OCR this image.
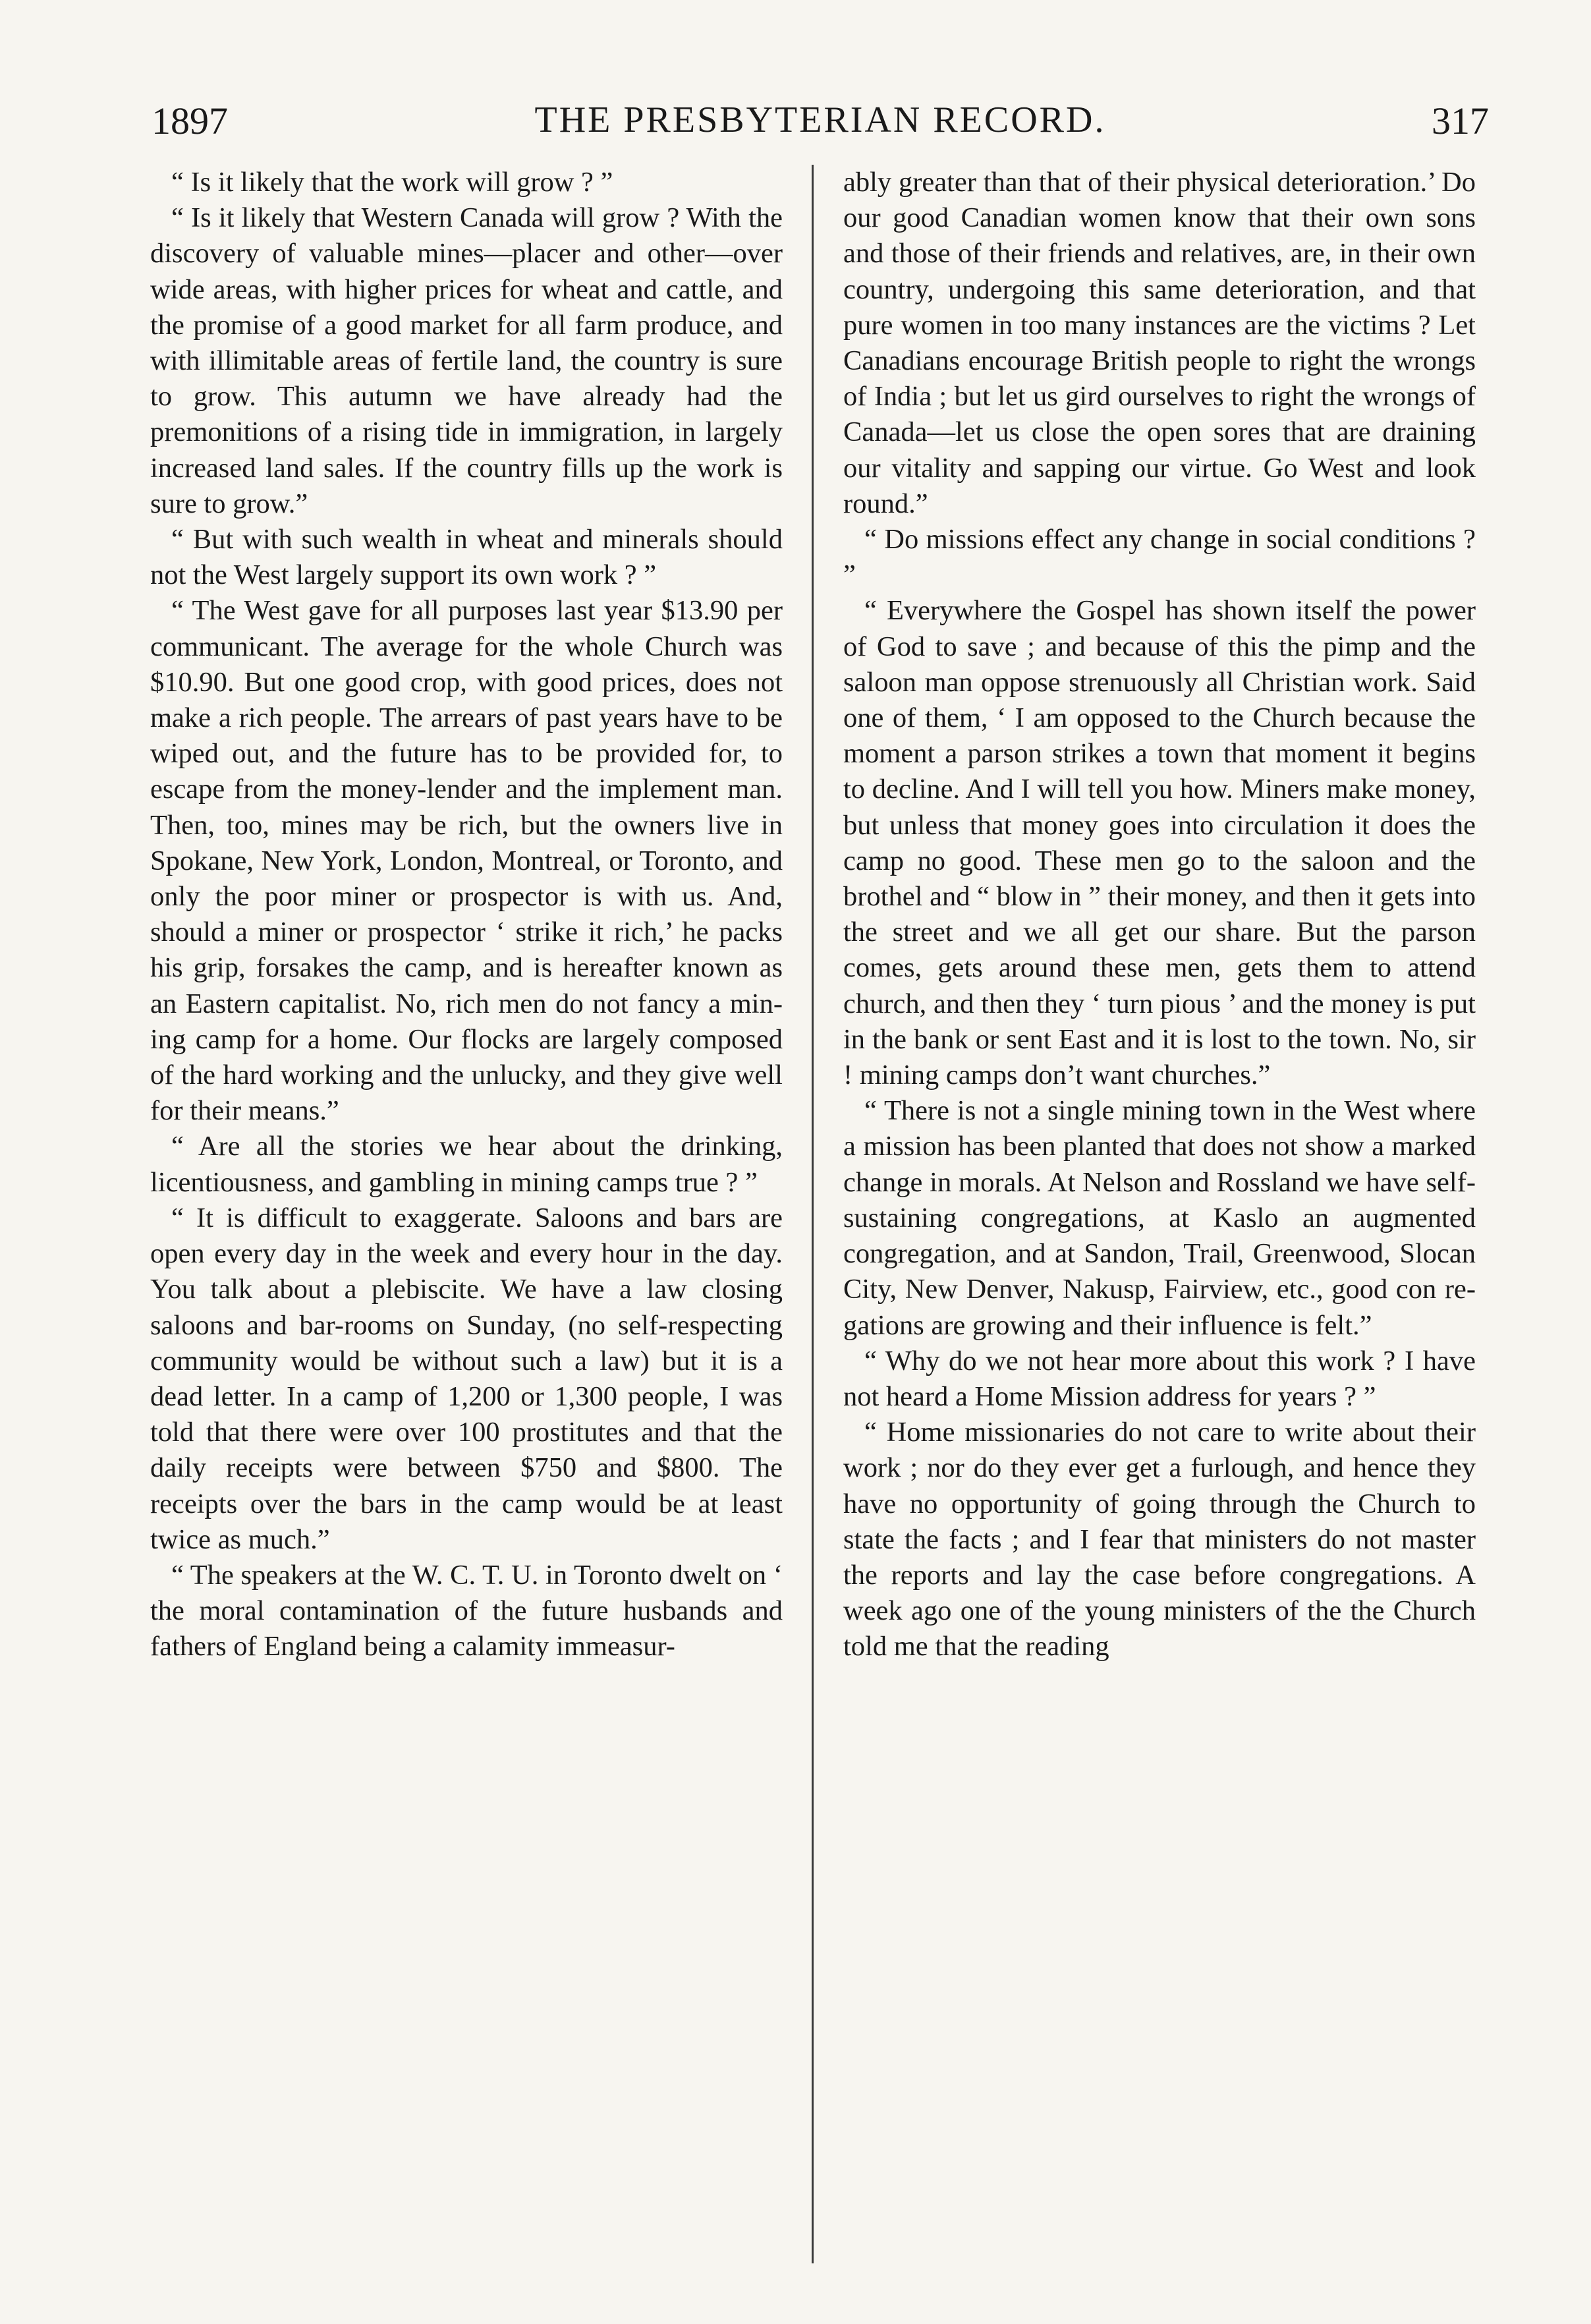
1897	THE PRESBYTERIAN RECORD.	317

“ Is it likely that the work will grow ? ”

“ Is it likely that Western Canada will grow ? With the discovery of valuable mines—placer and other—over wide areas, with higher prices for wheat and cattle, and the promise of a good market for all farm produce, and with illimitable areas of fertile land, the country is sure to grow. This autumn we have already had the premonitions of a rising tide in immigration, in largely increased land sales. If the country fills up the work is sure to grow.”

“ But with such wealth in wheat and minerals should not the West largely support its own work ? ”

“ The West gave for all purposes last year $13.90 per communicant. The average for the whole Church was $10.90. But one good crop, with good prices, does not make a rich people. The arrears of past years have to be wiped out, and the future has to be provided for, to escape from the money-lender and the implement man. Then, too, mines may be rich, but the owners live in Spokane, New York, London, Montreal, or Toronto, and only the poor miner or prospector is with us. And, should a miner or prospector ‘ strike it rich,’ he packs his grip, forsakes the camp, and is hereafter known as an Eastern capitalist. No, rich men do not fancy a mining camp for a home. Our flocks are largely composed of the hard working and the unlucky, and they give well for their means.”

“ Are all the stories we hear about the drinking, licentiousness, and gambling in mining camps true ? ”

“ It is difficult to exaggerate. Saloons and bars are open every day in the week and every hour in the day. You talk about a plebiscite. We have a law closing saloons and bar-rooms on Sunday, (no self-respecting community would be without such a law) but it is a dead letter. In a camp of 1,200 or 1,300 people, I was told that there were over 100 prostitutes and that the daily receipts were between $750 and $800. The receipts over the bars in the camp would be at least twice as much.”

“ The speakers at the W. C. T. U. in Toronto dwelt on ‘ the moral contamination of the future husbands and fathers of England being a calamity immeasur-

ably greater than that of their physical deterioration.’ Do our good Canadian women know that their own sons and those of their friends and relatives, are, in their own country, undergoing this same deterioration, and that pure women in too many instances are the victims ? Let Canadians encourage British people to right the wrongs of India ; but let us gird ourselves to right the wrongs of Canada—let us close the open sores that are draining our vitality and sapping our virtue. Go West and look round.”

“ Do missions effect any change in social conditions ? ”

“ Everywhere the Gospel has shown itself the power of God to save ; and because of this the pimp and the saloon man oppose strenuously all Christian work. Said one of them, ‘ I am opposed to the Church because the moment a parson strikes a town that moment it begins to decline. And I will tell you how. Miners make money, but unless that money goes into circulation it does the camp no good. These men go to the saloon and the brothel and “ blow in ” their money, and then it gets into the street and we all get our share. But the parson comes, gets around these men, gets them to attend church, and then they ‘ turn pious ’ and the money is put in the bank or sent East and it is lost to the town. No, sir ! mining camps don’t want churches.”

“ There is not a single mining town in the West where a mission has been planted that does not show a marked change in morals. At Nelson and Rossland we have self-sustaining congregations, at Kaslo an augmented congregation, and at Sandon, Trail, Greenwood, Slocan City, New Denver, Nakusp, Fairview, etc., good con regations are growing and their influence is felt.”

“ Why do we not hear more about this work ? I have not heard a Home Mission address for years ? ”

“ Home missionaries do not care to write about their work ; nor do they ever get a furlough, and hence they have no opportunity of going through the Church to state the facts ; and I fear that ministers do not master the reports and lay the case before congregations. A week ago one of the young ministers of the the Church told me that the reading
